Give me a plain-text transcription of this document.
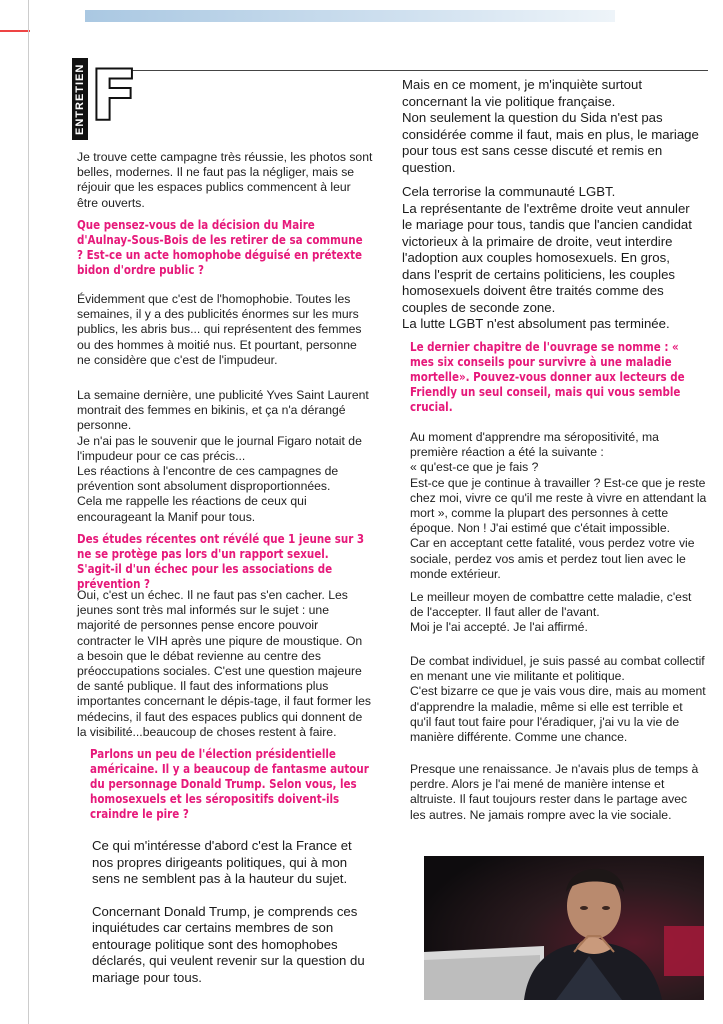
ENTRETIEN F

Je trouve cette campagne très réussie, les photos sont belles, modernes. Il ne faut pas la négliger, mais se réjouir que les espaces publics commencent à leur être ouverts.

Que pensez-vous de la décision du Maire d'Aulnay-Sous-Bois de les retirer de sa commune ? Est-ce un acte homophobe déguisé en prétexte bidon d'ordre public ?

Évidemment que c'est de l'homophobie. Toutes les semaines, il y a des publicités énormes sur les murs publics, les abris bus... qui représentent des femmes ou des hommes à moitié nus. Et pourtant, personne ne considère que c'est de l'impudeur.

La semaine dernière, une publicité Yves Saint Laurent montrait des femmes en bikinis, et ça n'a dérangé personne.

Je n'ai pas le souvenir que le journal Figaro notait de l'impudeur pour ce cas précis...

Les réactions à l'encontre de ces campagnes de prévention sont absolument disproportionnées.

Cela me rappelle les réactions de ceux qui encourageant la Manif pour tous.

Des études récentes ont révélé que 1 jeune sur 3 ne se protège pas lors d'un rapport sexuel. S'agit-il d'un échec pour les associations de prévention ?

Oui, c'est un échec. Il ne faut pas s'en cacher. Les jeunes sont très mal informés sur le sujet : une majorité de personnes pense encore pouvoir contracter le VIH après une piqure de moustique. On a besoin que le débat revienne au centre des préoccupations sociales. C'est une question majeure de santé publique. Il faut des informations plus importantes concernant le dépis-tage, il faut former les médecins, il faut des espaces publics qui donnent de la visibilité...beaucoup de choses restent à faire.

Parlons un peu de l'élection présidentielle américaine. Il y a beaucoup de fantasme autour du personnage Donald Trump. Selon vous, les homosexuels et les séropositifs doivent-ils craindre le pire ?

Ce qui m'intéresse d'abord c'est la France et nos propres dirigeants politiques, qui à mon sens ne semblent pas à la hauteur du sujet.

Concernant Donald Trump, je comprends ces inquiétudes car certains membres de son entourage politique sont des homophobes déclarés, qui veulent revenir sur la question du mariage pour tous.

Mais en ce moment, je m'inquiète surtout concernant la vie politique française.

Non seulement la question du Sida n'est pas considérée comme il faut, mais en plus, le mariage pour tous est sans cesse discuté et remis en question.

Cela terrorise la communauté LGBT.

La représentante de l'extrême droite veut annuler le mariage pour tous, tandis que l'ancien candidat victorieux à la primaire de droite, veut interdire l'adoption aux couples homosexuels. En gros, dans l'esprit de certains politiciens, les couples homosexuels doivent être traités comme des couples de seconde zone.

La lutte LGBT n'est absolument pas terminée.

Le dernier chapitre de l'ouvrage se nomme : « mes six conseils pour survivre à une maladie mortelle». Pouvez-vous donner aux lecteurs de Friendly un seul conseil, mais qui vous semble crucial.

Au moment d'apprendre ma séropositivité, ma première réaction a été la suivante :

« qu'est-ce que je fais ?

Est-ce que je continue à travailler ? Est-ce que je reste chez moi, vivre ce qu'il me reste à vivre en attendant la mort », comme la plupart des personnes à cette époque. Non ! J'ai estimé que c'était impossible.

Car en acceptant cette fatalité, vous perdez votre vie sociale, perdez vos amis et perdez tout lien avec le monde extérieur.

Le meilleur moyen de combattre cette maladie, c'est de l'accepter. Il faut aller de l'avant.

Moi je l'ai accepté. Je l'ai affirmé.

De combat individuel, je suis passé au combat collectif en menant une vie militante et politique.

C'est bizarre ce que je vais vous dire, mais au moment d'apprendre la maladie, même si elle est terrible et qu'il faut tout faire pour l'éradiquer, j'ai vu la vie de manière différente. Comme une chance.

Presque une renaissance. Je n'avais plus de temps à perdre. Alors je l'ai mené de manière intense et altruiste. Il faut toujours rester dans le partage avec les autres. Ne jamais rompre avec la vie sociale.
